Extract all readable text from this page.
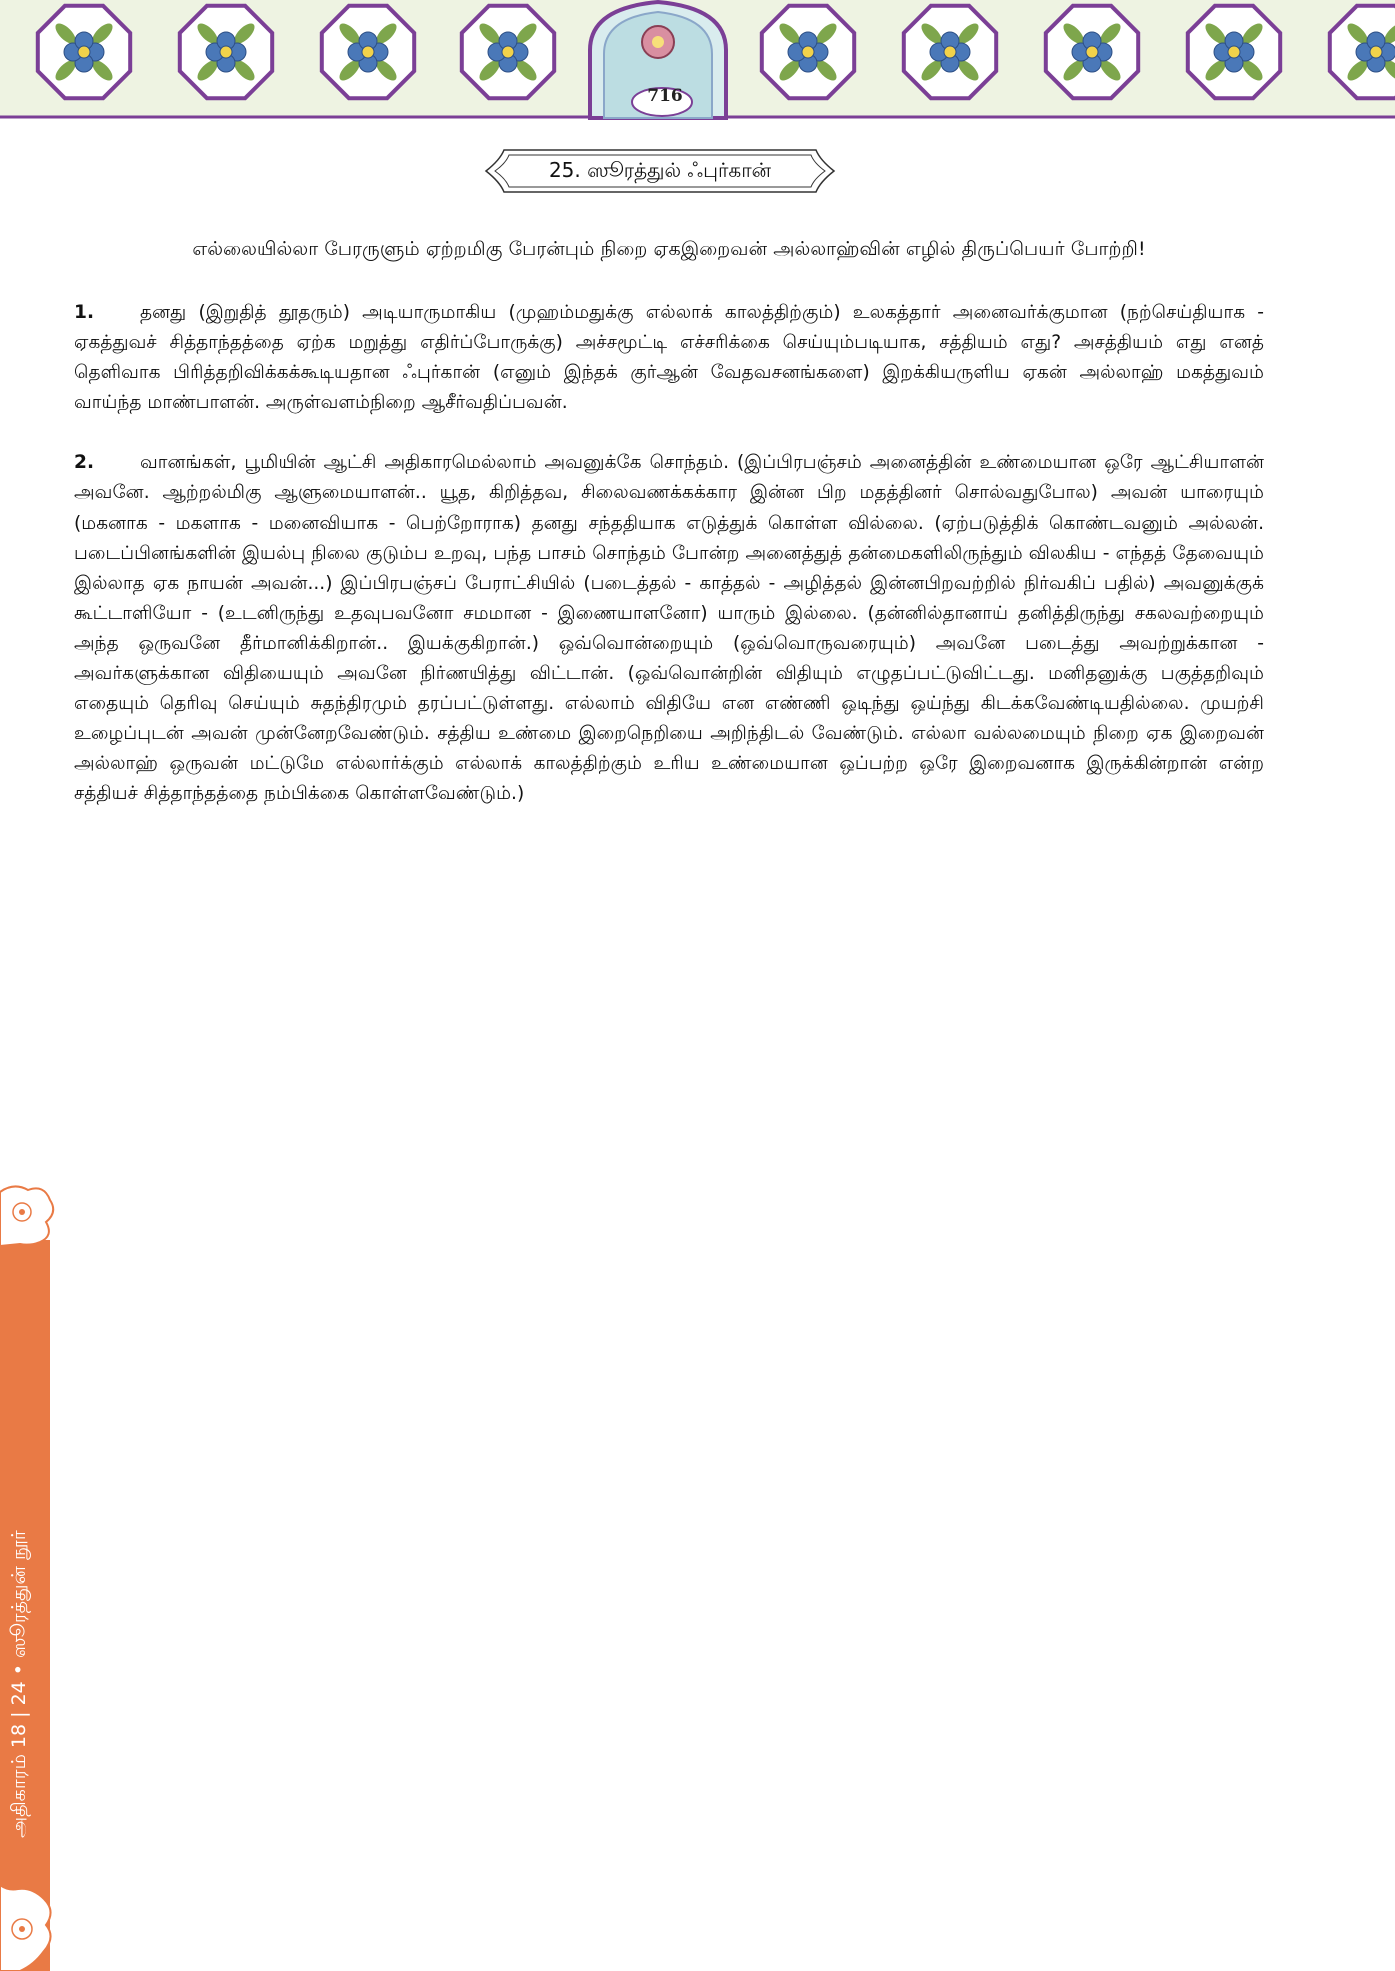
716
25. ஸூரத்துல் ஃபுர்கான்

எல்லையில்லா பேரருளும் ஏற்றமிகு பேரன்பும் நிறை ஏகஇறைவன் அல்லாஹ்வின் எழில் திருப்பெயர் போற்றி!

1. தனது (இறுதித் தூதரும்) அடியாருமாகிய (முஹம்மதுக்கு எல்லாக் காலத்திற்கும்) உலகத்தார் அனைவர்க்குமான (நற்செய்தியாக - ஏகத்துவச் சித்தாந்தத்தை ஏற்க மறுத்து எதிர்ப்போருக்கு) அச்சமூட்டி எச்சரிக்கை செய்யும்படியாக, சத்தியம் எது? அசத்தியம் எது எனத் தெளிவாக பிரித்தறிவிக்கக்கூடியதான ஃபுர்கான் (எனும் இந்தக் குர்ஆன் வேதவசனங்களை) இறக்கியருளிய ஏகன் அல்லாஹ் மகத்துவம் வாய்ந்த மாண்பாளன். அருள்வளம்நிறை ஆசீர்வதிப்பவன்.

2. வானங்கள், பூமியின் ஆட்சி அதிகாரமெல்லாம் அவனுக்கே சொந்தம். (இப்பிரபஞ்சம் அனைத்தின் உண்மையான ஒரே ஆட்சியாளன் அவனே. ஆற்றல்மிகு ஆளுமையாளன்.. யூத, கிறித்தவ, சிலைவணக்கக்கார இன்ன பிற மதத்தினர் சொல்வதுபோல) அவன் யாரையும் (மகனாக - மகளாக - மனைவியாக - பெற்றோராக) தனது சந்ததியாக எடுத்துக் கொள்ள வில்லை. (ஏற்படுத்திக் கொண்டவனும் அல்லன். படைப்பினங்களின் இயல்பு நிலை குடும்ப உறவு, பந்த பாசம் சொந்தம் போன்ற அனைத்துத் தன்மைகளிலிருந்தும் விலகிய - எந்தத் தேவையும் இல்லாத ஏக நாயன் அவன்...) இப்பிரபஞ்சப் பேராட்சியில் (படைத்தல் - காத்தல் - அழித்தல் இன்னபிறவற்றில் நிர்வகிப் பதில்) அவனுக்குக் கூட்டாளியோ - (உடனிருந்து உதவுபவனோ சமமான - இணையாளனோ) யாரும் இல்லை. (தன்னில்தானாய் தனித்திருந்து சகலவற்றையும் அந்த ஒருவனே தீர்மானிக்கிறான்.. இயக்குகிறான்.) ஒவ்வொன்றையும் (ஒவ்வொருவரையும்) அவனே படைத்து அவற்றுக்கான - அவர்களுக்கான விதியையும் அவனே நிர்ணயித்து விட்டான். (ஒவ்வொன்றின் விதியும் எழுதப்பட்டுவிட்டது. மனிதனுக்கு பகுத்தறிவும் எதையும் தெரிவு செய்யும் சுதந்திரமும் தரப்பட்டுள்ளது. எல்லாம் விதியே என எண்ணி ஒடிந்து ஒய்ந்து கிடக்கவேண்டியதில்லை. முயற்சி உழைப்புடன் அவன் முன்னேறவேண்டும். சத்திய உண்மை இறைநெறியை அறிந்திடல் வேண்டும். எல்லா வல்லமையும் நிறை ஏக இறைவன் அல்லாஹ் ஒருவன் மட்டுமே எல்லார்க்கும் எல்லாக் காலத்திற்கும் உரிய உண்மையான ஒப்பற்ற ஒரே இறைவனாக இருக்கின்றான் என்ற சத்தியச் சித்தாந்தத்தை நம்பிக்கை கொள்ளவேண்டும்.)

அதிகாரம் 18 | 24 • ஸூரத்துன் நூர்
